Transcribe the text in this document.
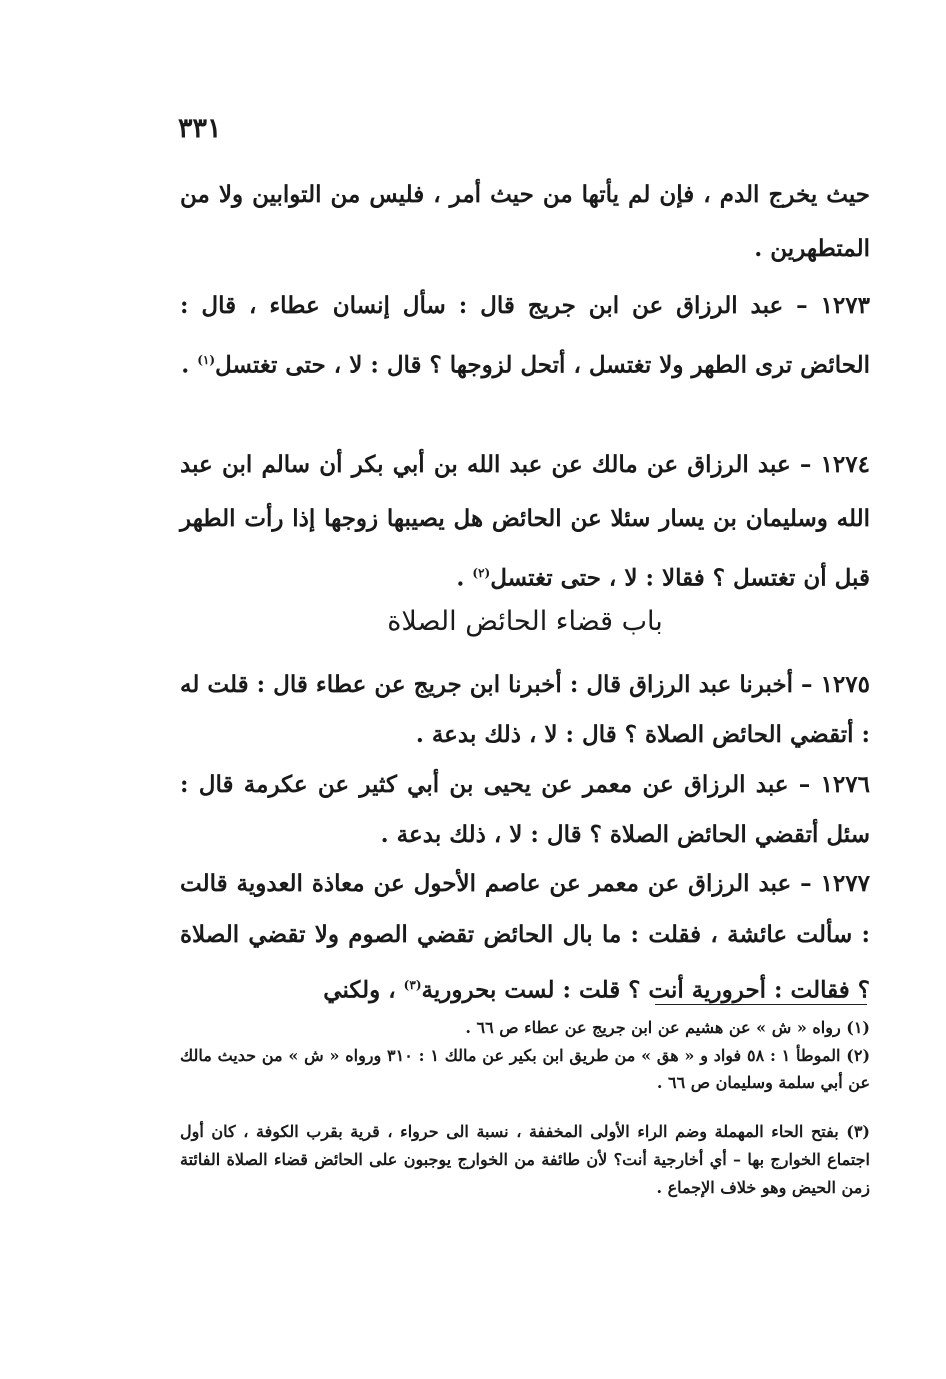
٣٣١
حيث يخرج الدم ، فإن لم يأتها من حيث أمر ، فليس من التوابين ولا من المتطهرين .
١٢٧٣ – عبد الرزاق عن ابن جريج قال : سأل إنسان عطاء ، قال : الحائض ترى الطهر ولا تغتسل ، أتحل لزوجها ؟ قال : لا ، حتى تغتسل$^{(١)}$ .
١٢٧٤ – عبد الرزاق عن مالك عن عبد الله بن أبي بكر أن سالم ابن عبد الله وسليمان بن يسار سئلا عن الحائض هل يصيبها زوجها إذا رأت الطهر قبل أن تغتسل ؟ فقالا : لا ، حتى تغتسل$^{(٢)}$ .
باب قضاء الحائض الصلاة
١٢٧٥ – أخبرنا عبد الرزاق قال : أخبرنا ابن جريج عن عطاء قال : قلت له : أتقضي الحائض الصلاة ؟ قال : لا ، ذلك بدعة .
١٢٧٦ – عبد الرزاق عن معمر عن يحيى بن أبي كثير عن عكرمة قال : سئل أتقضي الحائض الصلاة ؟ قال : لا ، ذلك بدعة .
١٢٧٧ – عبد الرزاق عن معمر عن عاصم الأحول عن معاذة العدوية قالت : سألت عائشة ، فقلت : ما بال الحائض تقضي الصوم ولا تقضي الصلاة ؟ فقالت : أحرورية أنت ؟ قلت : لست بحرورية$^{(٣)}$ ، ولكني
(١) رواه « ش » عن هشيم عن ابن جريج عن عطاء ص ٦٦ .
(٢) الموطأ ١ : ٥٨ فواد و « هق » من طريق ابن بكير عن مالك ١ : ٣١٠ ورواه « ش » من حديث مالك عن أبي سلمة وسليمان ص ٦٦ .
(٣) بفتح الحاء المهملة وضم الراء الأولى المخففة ، نسبة الى حرواء ، قرية بقرب الكوفة ، كان أول اجتماع الخوارج بها – أي أخارجية أنت؟ لأن طائفة من الخوارج يوجبون على الحائض قضاء الصلاة الفائتة زمن الحيض وهو خلاف الإجماع .
